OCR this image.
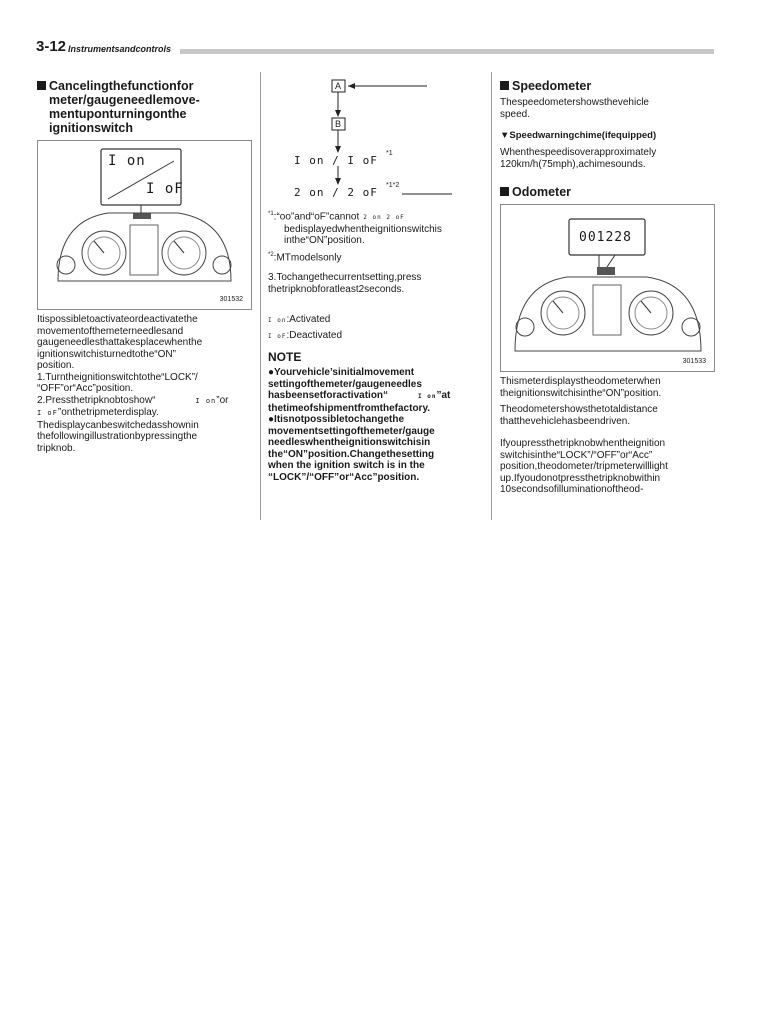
3-12 Instrumentsandcontrols
Cancelingthefunctionfor
meter/gaugeneedlemove-
mentuponturningonthe
ignitionswitch
I on
I oF
301532
Itispossibletoactivateordeactivatethe
movementofthemeterneedlesand
gaugeneedlesthattakesplacewhenthe
ignitionswitchisturnedtothe“ON”
position.
1.Turntheignitionswitchtothe“LOCK”/
“OFF”or“Acc”position.
2.Pressthetripknobtoshow“	I on”or
I oF”onthetripmeterdisplay.
Thedisplaycanbeswitchedasshownin
thefollowingillustrationbypressingthe
tripknob.
A
B
I on / I oF
*1
2 on / 2 oF
*1*2
$^{*1}$:“oo”and“oF”cannot 2 on 2 oF
bedisplayedwhentheignitionswitchis
inthe“ON”position.
$^{*2}$:MTmodelsonly
3.Tochangethecurrentsetting,press
thetripknobforatleast2seconds.
I on:Activated
I oF:Deactivated
NOTE
●Yourvehicle’sinitialmovement
settingofthemeter/gaugeneedles
hasbeensetforactivation“	I on”at
thetimeofshipmentfromthefactory.
●Itisnotpossibletochangethe
movementsettingofthemeter/gauge
needleswhentheignitionswitchisin
the“ON”position.Changethesetting
when the ignition switch is in the
“LOCK”/“OFF”or“Acc”position.
Speedometer
Thespeedometershowsthevehicle
speed.
▼Speedwarningchime(ifequipped)
Whenthespeedisoverapproximately
120km/h(75mph),achimesounds.
Odometer
001228
301533
Thismeterdisplaystheodometerwhen
theignitionswitchisinthe“ON”position.
Theodometershowsthetotaldistance
thatthevehiclehasbeendriven.
Ifyoupressthetripknobwhentheignition
switchisinthe“LOCK”/“OFF”or“Acc”
position,theodometer/tripmeterwilllight
up.Ifyoudonotpressthetripknobwithin
10secondsofilluminationoftheod-
